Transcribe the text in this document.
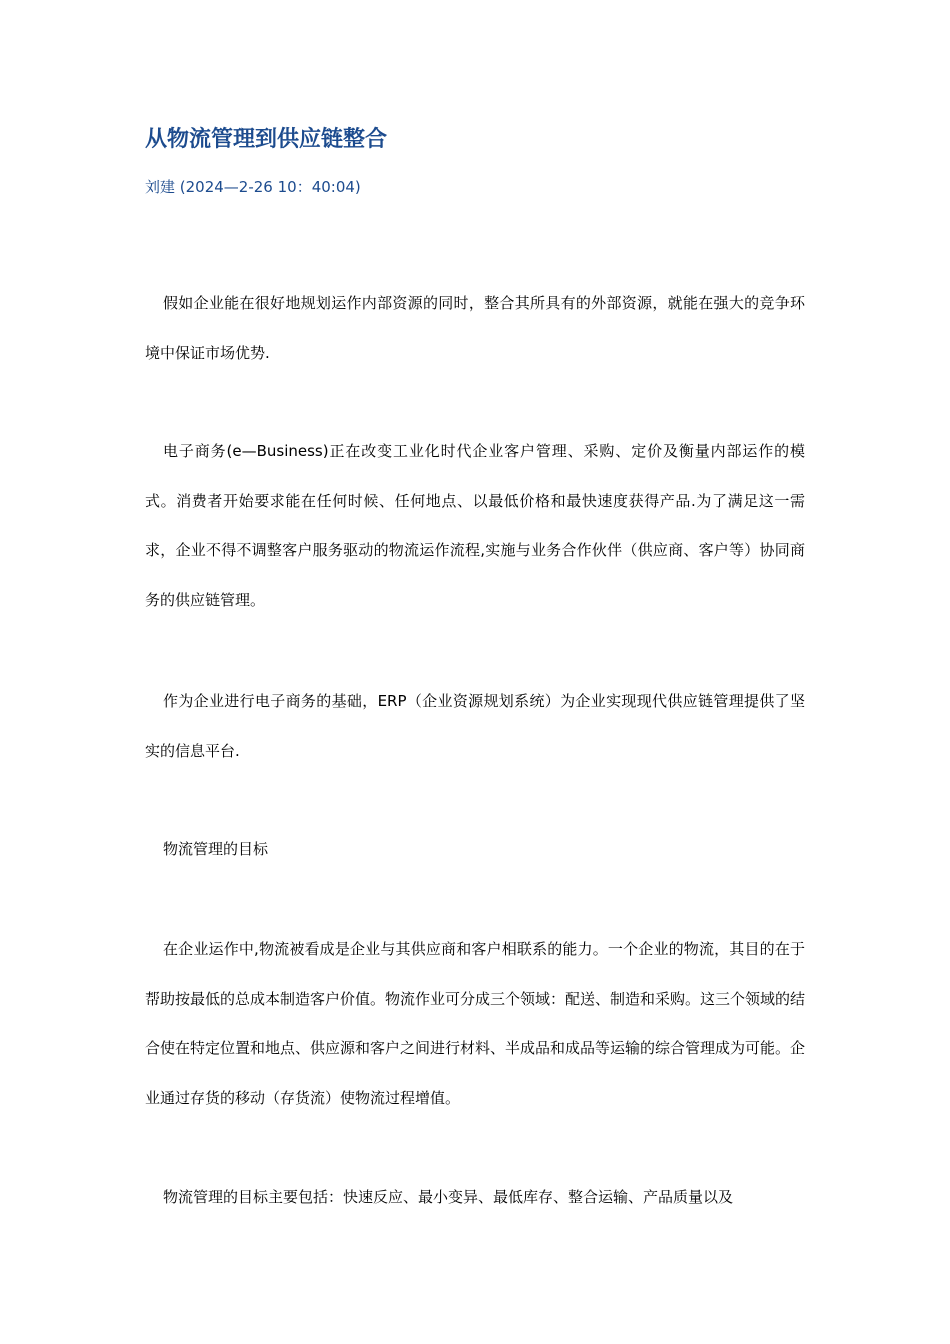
从物流管理到供应链整合
刘建 (2024—2-26 10：40:04)

假如企业能在很好地规划运作内部资源的同时，整合其所具有的外部资源，就能在强大的竞争环境中保证市场优势.

电子商务(e—Business)正在改变工业化时代企业客户管理、采购、定价及衡量内部运作的模式。消费者开始要求能在任何时候、任何地点、以最低价格和最快速度获得产品.为了满足这一需求，企业不得不调整客户服务驱动的物流运作流程,实施与业务合作伙伴（供应商、客户等）协同商务的供应链管理。

作为企业进行电子商务的基础，ERP（企业资源规划系统）为企业实现现代供应链管理提供了坚实的信息平台.

物流管理的目标

在企业运作中,物流被看成是企业与其供应商和客户相联系的能力。一个企业的物流，其目的在于帮助按最低的总成本制造客户价值。物流作业可分成三个领域：配送、制造和采购。这三个领域的结合使在特定位置和地点、供应源和客户之间进行材料、半成品和成品等运输的综合管理成为可能。企业通过存货的移动（存货流）使物流过程增值。

物流管理的目标主要包括：快速反应、最小变异、最低库存、整合运输、产品质量以及
